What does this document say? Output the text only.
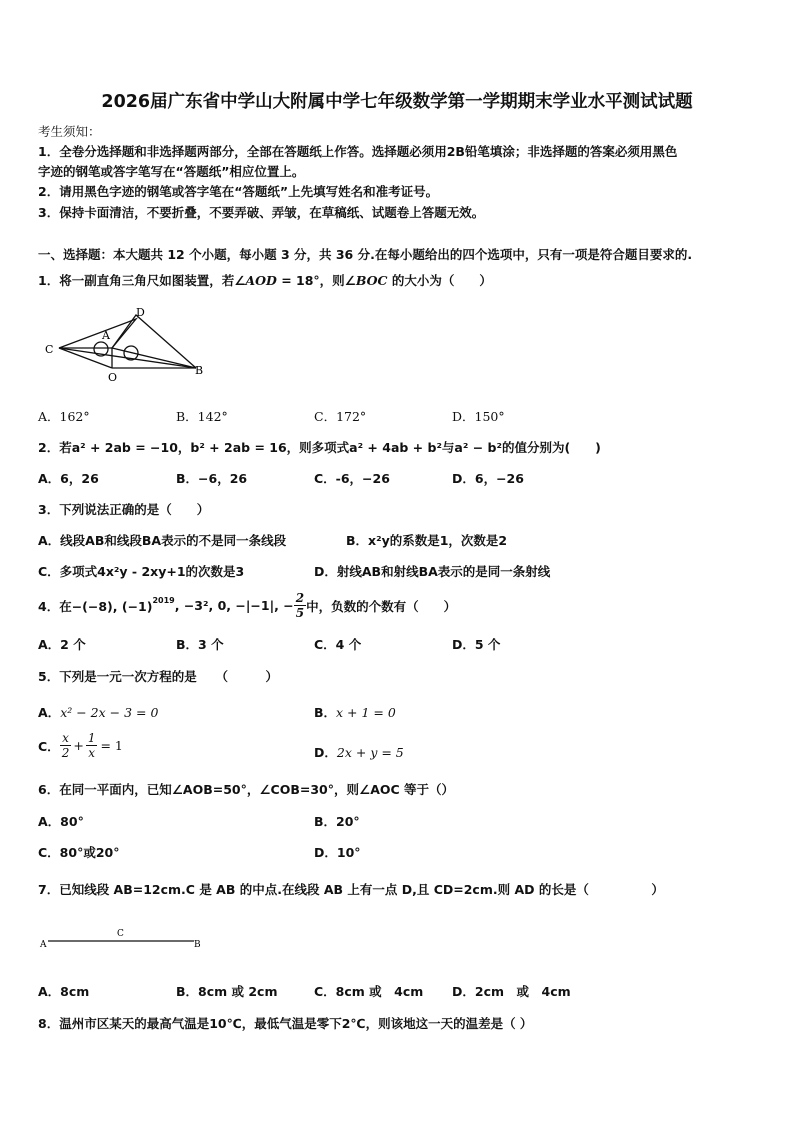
2026届广东省中学山大附属中学七年级数学第一学期期末学业水平测试试题
考生须知：
1．全卷分选择题和非选择题两部分，全部在答题纸上作答。选择题必须用2B铅笔填涂；非选择题的答案必须用黑色
字迹的钢笔或答字笔写在“答题纸”相应位置上。
2．请用黑色字迹的钢笔或答字笔在“答题纸”上先填写姓名和准考证号。
3．保持卡面清洁，不要折叠，不要弄破、弄皱，在草稿纸、试题卷上答题无效。
一、选择题：本大题共 12 个小题，每小题 3 分，共 36 分.在每小题给出的四个选项中，只有一项是符合题目要求的.
1．将一副直角三角尺如图装置，若∠AOD = 18°，则∠BOC 的大小为（　　）
D
A
C
O
B
A．162°	B．142°	C．172°	D．150°
2．若a² + 2ab = −10，b² + 2ab = 16，则多项式a² + 4ab + b²与a² − b²的值分别为(　　)
A．6，26	B．−6，26	C．-6，−26	D．6，−26
3．下列说法正确的是（　　）
A．线段AB和线段BA表示的不是同一条线段	B．x²y的系数是1，次数是2
C．多项式4x²y - 2xy+1的次数是3	D．射线AB和射线BA表示的是同一条射线
4．在−(−8), $(-1)^{2019}$ , −3², 0, −|−1|, − $\frac{2}{5}$ 中，负数的个数有（　　）
A．2 个	B．3 个	C．4 个	D．5 个
5．下列是一元一次方程的是　　（　　　）
A．x² − 2x − 3 = 0	B．x + 1 = 0
C． $\frac{x}{2} + \frac{1}{x} = 1$	D．2x + y = 5
6．在同一平面内，已知∠AOB=50°，∠COB=30°，则∠AOC 等于（）
A．80°	B．20°
C．80°或20°	D．10°
7．已知线段 AB=12cm.C 是 AB 的中点.在线段 AB 上有一点 D,且 CD=2cm.则 AD 的长是（　　　　　）
A
C
B
A．8cm	B．8cm 或 2cm	C．8cm 或　4cm D．2cm　或　4cm
8．温州市区某天的最高气温是10℃，最低气温是零下2℃，则该地这一天的温差是（ ）
